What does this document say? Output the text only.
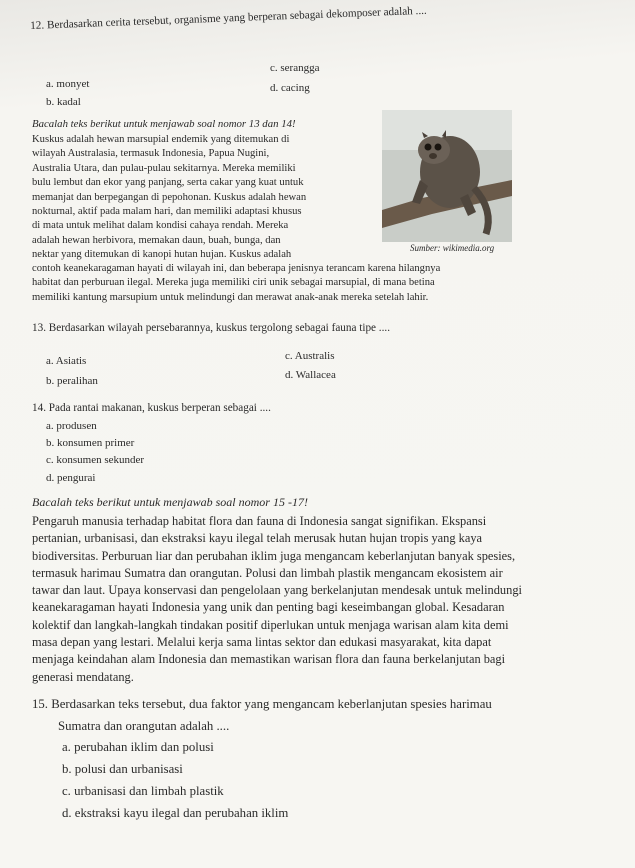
12. Berdasarkan cerita tersebut, organisme yang berperan sebagai dekomposer adalah ....
a. monyet
b. kadal
c. serangga
d. cacing
Bacalah teks berikut untuk menjawab soal nomor 13 dan 14!
Kuskus adalah hewan marsupial endemik yang ditemukan di
wilayah Australasia, termasuk Indonesia, Papua Nugini,
Australia Utara, dan pulau-pulau sekitarnya. Mereka memiliki
bulu lembut dan ekor yang panjang, serta cakar yang kuat untuk
memanjat dan berpegangan di pepohonan. Kuskus adalah hewan
nokturnal, aktif pada malam hari, dan memiliki adaptasi khusus
di mata untuk melihat dalam kondisi cahaya rendah. Mereka
adalah hewan herbivora, memakan daun, buah, bunga, dan
nektar yang ditemukan di kanopi hutan hujan. Kuskus adalah
Sumber: wikimedia.org
contoh keanekaragaman hayati di wilayah ini, dan beberapa jenisnya terancam karena hilangnya
habitat dan perburuan ilegal. Mereka juga memiliki ciri unik sebagai marsupial, di mana betina
memiliki kantung marsupium untuk melindungi dan merawat anak-anak mereka setelah lahir.
13. Berdasarkan wilayah persebarannya, kuskus tergolong sebagai fauna tipe ....
a. Asiatis
b. peralihan
c. Australis
d. Wallacea
14. Pada rantai makanan, kuskus berperan sebagai ....
a. produsen
b. konsumen primer
c. konsumen sekunder
d. pengurai
Bacalah teks berikut untuk menjawab soal nomor 15 -17!
Pengaruh manusia terhadap habitat flora dan fauna di Indonesia sangat signifikan. Ekspansi
pertanian, urbanisasi, dan ekstraksi kayu ilegal telah merusak hutan hujan tropis yang kaya
biodiversitas. Perburuan liar dan perubahan iklim juga mengancam keberlanjutan banyak spesies,
termasuk harimau Sumatra dan orangutan. Polusi dan limbah plastik mengancam ekosistem air
tawar dan laut. Upaya konservasi dan pengelolaan yang berkelanjutan mendesak untuk melindungi
keanekaragaman hayati Indonesia yang unik dan penting bagi keseimbangan global. Kesadaran
kolektif dan langkah-langkah tindakan positif diperlukan untuk menjaga warisan alam kita demi
masa depan yang lestari. Melalui kerja sama lintas sektor dan edukasi masyarakat, kita dapat
menjaga keindahan alam Indonesia dan memastikan warisan flora dan fauna berkelanjutan bagi
generasi mendatang.
15. Berdasarkan teks tersebut, dua faktor yang mengancam keberlanjutan spesies harimau
Sumatra dan orangutan adalah ....
a. perubahan iklim dan polusi
b. polusi dan urbanisasi
c. urbanisasi dan limbah plastik
d. ekstraksi kayu ilegal dan perubahan iklim
